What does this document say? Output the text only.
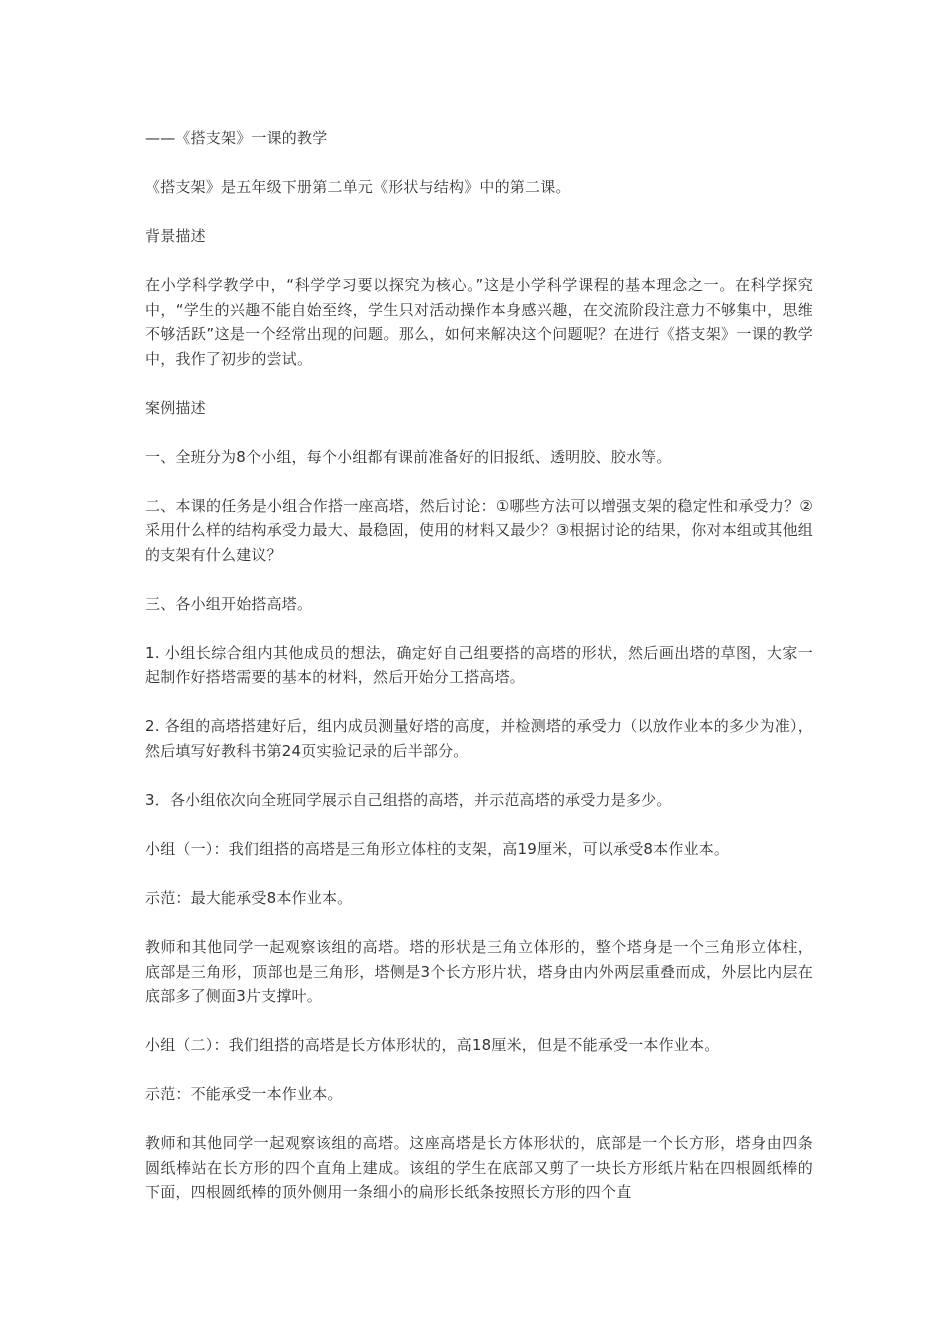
——《搭支架》一课的教学

《搭支架》是五年级下册第二单元《形状与结构》中的第二课。

背景描述

在小学科学教学中，“科学学习要以探究为核心。”这是小学科学课程的基本理念之一。在科学探究中，“学生的兴趣不能自始至终，学生只对活动操作本身感兴趣，在交流阶段注意力不够集中，思维不够活跃”这是一个经常出现的问题。那么，如何来解决这个问题呢？在进行《搭支架》一课的教学中，我作了初步的尝试。

案例描述

一、全班分为8个小组，每个小组都有课前准备好的旧报纸、透明胶、胶水等。

二、本课的任务是小组合作搭一座高塔，然后讨论：①哪些方法可以增强支架的稳定性和承受力？②采用什么样的结构承受力最大、最稳固，使用的材料又最少？③根据讨论的结果，你对本组或其他组的支架有什么建议？

三、各小组开始搭高塔。

1. 小组长综合组内其他成员的想法，确定好自己组要搭的高塔的形状，然后画出塔的草图，大家一起制作好搭塔需要的基本的材料，然后开始分工搭高塔。

2. 各组的高塔搭建好后，组内成员测量好塔的高度，并检测塔的承受力（以放作业本的多少为准），然后填写好教科书第24页实验记录的后半部分。

3．各小组依次向全班同学展示自己组搭的高塔，并示范高塔的承受力是多少。

小组（一）：我们组搭的高塔是三角形立体柱的支架，高19厘米，可以承受8本作业本。

示范：最大能承受8本作业本。

教师和其他同学一起观察该组的高塔。塔的形状是三角立体形的，整个塔身是一个三角形立体柱，底部是三角形，顶部也是三角形，塔侧是3个长方形片状，塔身由内外两层重叠而成，外层比内层在底部多了侧面3片支撑叶。

小组（二）：我们组搭的高塔是长方体形状的，高18厘米，但是不能承受一本作业本。

示范：不能承受一本作业本。

教师和其他同学一起观察该组的高塔。这座高塔是长方体形状的，底部是一个长方形，塔身由四条圆纸棒站在长方形的四个直角上建成。该组的学生在底部又剪了一块长方形纸片粘在四根圆纸棒的下面，四根圆纸棒的顶外侧用一条细小的扁形长纸条按照长方形的四个直
